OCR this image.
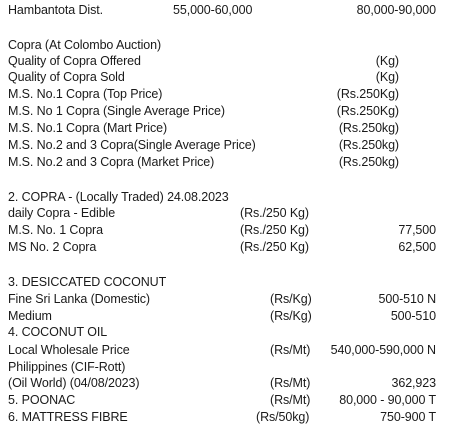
Hambantota Dist.	55,000-60,000	80,000-90,000
Copra (At Colombo Auction)
Quality of Copra Offered	(Kg)
Quality of Copra Sold	(Kg)
M.S. No.1 Copra (Top Price)	(Rs.250Kg)
M.S. No 1 Copra (Single Average Price)	(Rs.250Kg)
M.S. No.1 Copra (Mart Price)	(Rs.250kg)
M.S. No.2 and 3 Copra(Single Average Price)	(Rs.250kg)
M.S. No.2 and 3 Copra (Market Price)	(Rs.250kg)
2. COPRA - (Locally Traded) 24.08.2023
daily Copra - Edible	(Rs./250 Kg)
M.S. No. 1 Copra	(Rs./250 Kg)	77,500
MS No. 2 Copra	(Rs./250 Kg)	62,500
3. DESICCATED COCONUT
Fine Sri Lanka (Domestic)	(Rs/Kg)	500-510 N
Medium	(Rs/Kg)	500-510
4. COCONUT OIL
Local Wholesale Price	(Rs/Mt) 540,000-590,000 N
Philippines (CIF-Rott)
(Oil World) (04/08/2023)	(Rs/Mt)	362,923
5. POONAC	(Rs/Mt) 80,000 - 90,000 T
6. MATTRESS FIBRE	(Rs/50kg)	750-900 T
